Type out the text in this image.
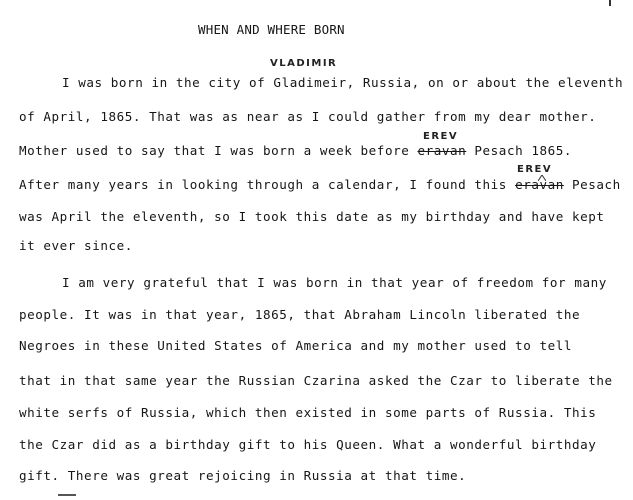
WHEN AND WHERE BORN
VLADIMIR
EREV
EREV
I was born in the city of Gladimeir, Russia, on or about the eleventh
of April, 1865. That was as near as I could gather from my dear mother.
Mother used to say that I was born a week before eravan Pesach 1865.
After many years in looking through a calendar, I found this eravan Pesach
was April the eleventh, so I took this date as my birthday and have kept
it ever since.
I am very grateful that I was born in that year of freedom for many
people. It was in that year, 1865, that Abraham Lincoln liberated the
Negroes in these United States of America and my mother used to tell
that in that same year the Russian Czarina asked the Czar to liberate the
white serfs of Russia, which then existed in some parts of Russia. This
the Czar did as a birthday gift to his Queen. What a wonderful birthday
gift. There was great rejoicing in Russia at that time.
